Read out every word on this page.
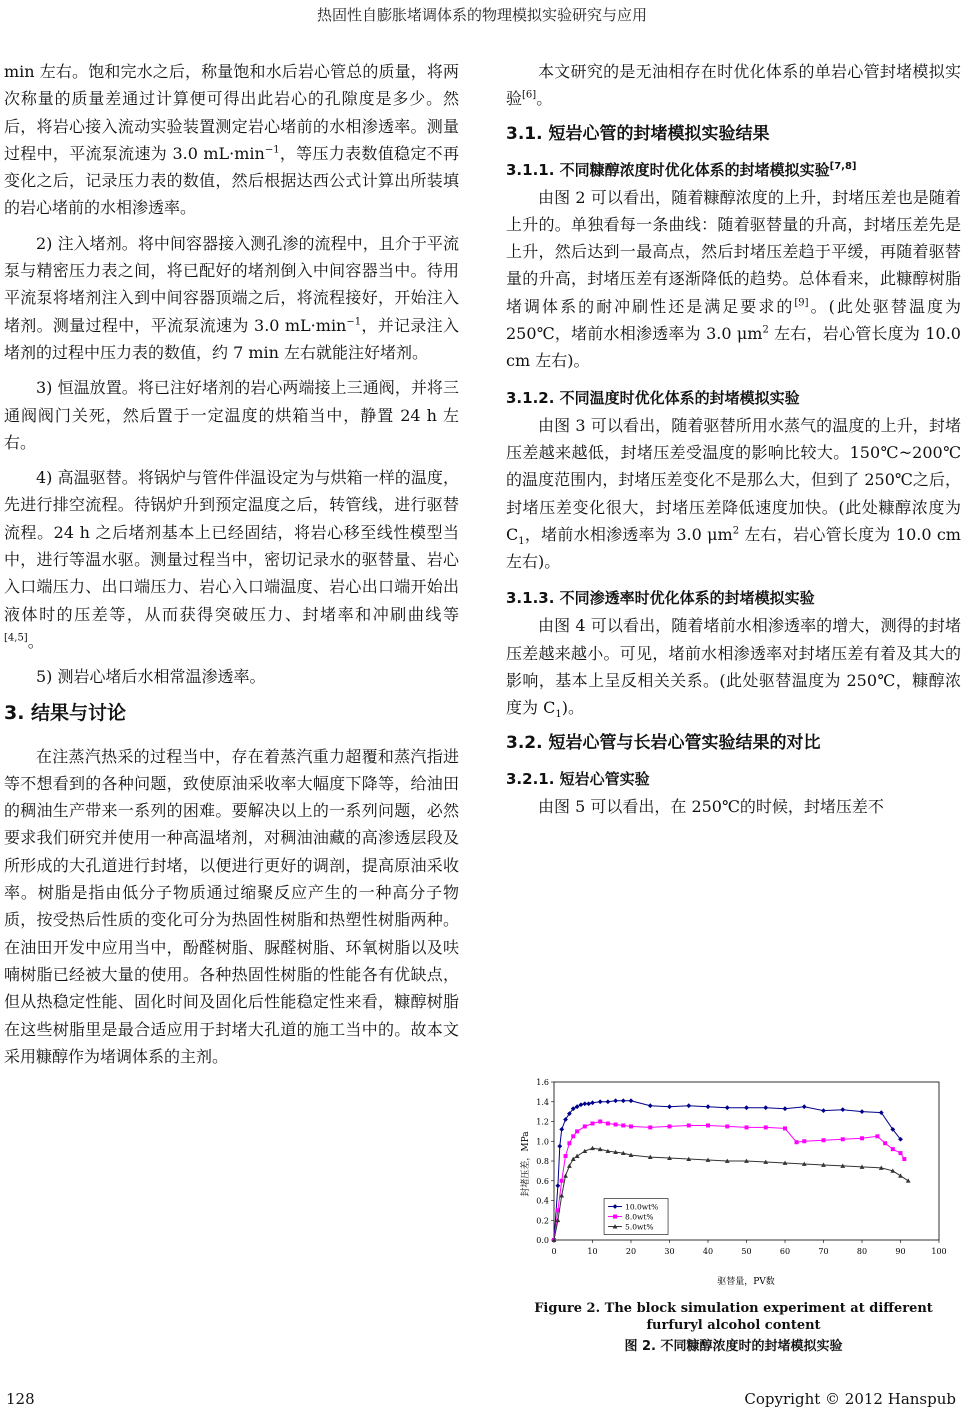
热固性自膨胀堵调体系的物理模拟实验研究与应用

min 左右。饱和完水之后，称量饱和水后岩心管总的质量，将两次称量的质量差通过计算便可得出此岩心的孔隙度是多少。然后，将岩心接入流动实验装置测定岩心堵前的水相渗透率。测量过程中，平流泵流速为 3.0 $mL\cdot\min^{-1}$，等压力表数值稳定不再变化之后，记录压力表的数值，然后根据达西公式计算出所装填的岩心堵前的水相渗透率。

2) 注入堵剂。将中间容器接入测孔渗的流程中，且介于平流泵与精密压力表之间，将已配好的堵剂倒入中间容器当中。待用平流泵将堵剂注入到中间容器顶端之后，将流程接好，开始注入堵剂。测量过程中，平流泵流速为 3.0 $mL\cdot\min^{-1}$，并记录注入堵剂的过程中压力表的数值，约 7 min 左右就能注好堵剂。

3) 恒温放置。将已注好堵剂的岩心两端接上三通阀，并将三通阀阀门关死，然后置于一定温度的烘箱当中，静置 24 h 左右。

4) 高温驱替。将锅炉与管件伴温设定为与烘箱一样的温度，先进行排空流程。待锅炉升到预定温度之后，转管线，进行驱替流程。24 h 之后堵剂基本上已经固结，将岩心移至线性模型当中，进行等温水驱。测量过程当中，密切记录水的驱替量、岩心入口端压力、出口端压力、岩心入口端温度、岩心出口端开始出液体时的压差等，从而获得突破压力、封堵率和冲刷曲线等[4,5]。

5) 测岩心堵后水相常温渗透率。

3. 结果与讨论

在注蒸汽热采的过程当中，存在着蒸汽重力超覆和蒸汽指进等不想看到的各种问题，致使原油采收率大幅度下降等，给油田的稠油生产带来一系列的困难。要解决以上的一系列问题，必然要求我们研究并使用一种高温堵剂，对稠油油藏的高渗透层段及所形成的大孔道进行封堵，以便进行更好的调剖，提高原油采收率。树脂是指由低分子物质通过缩聚反应产生的一种高分子物质，按受热后性质的变化可分为热固性树脂和热塑性树脂两种。在油田开发中应用当中，酚醛树脂、脲醛树脂、环氧树脂以及呋喃树脂已经被大量的使用。各种热固性树脂的性能各有优缺点，但从热稳定性能、固化时间及固化后性能稳定性来看，糠醇树脂在这些树脂里是最合适应用于封堵大孔道的施工当中的。故本文采用糠醇作为堵调体系的主剂。

本文研究的是无油相存在时优化体系的单岩心管封堵模拟实验[6]。

3.1. 短岩心管的封堵模拟实验结果
3.1.1. 不同糠醇浓度时优化体系的封堵模拟实验[7,8]

由图 2 可以看出，随着糠醇浓度的上升，封堵压差也是随着上升的。单独看每一条曲线：随着驱替量的升高，封堵压差先是上升，然后达到一最高点，然后封堵压差趋于平缓，再随着驱替量的升高，封堵压差有逐渐降低的趋势。总体看来，此糠醇树脂堵调体系的耐冲刷性还是满足要求的[9]。(此处驱替温度为 250℃，堵前水相渗透率为 3.0 $\mu m^2$ 左右，岩心管长度为 10.0 cm 左右)。

3.1.2. 不同温度时优化体系的封堵模拟实验

由图 3 可以看出，随着驱替所用水蒸气的温度的上升，封堵压差越来越低，封堵压差受温度的影响比较大。150℃~200℃的温度范围内，封堵压差变化不是那么大，但到了 250℃之后，封堵压差变化很大，封堵压差降低速度加快。(此处糠醇浓度为 $C_1$，堵前水相渗透率为 3.0 $\mu m^2$ 左右，岩心管长度为 10.0 cm 左右)。

3.1.3. 不同渗透率时优化体系的封堵模拟实验

由图 4 可以看出，随着堵前水相渗透率的增大，测得的封堵压差越来越小。可见，堵前水相渗透率对封堵压差有着及其大的影响，基本上呈反相关关系。(此处驱替温度为 250℃，糠醇浓度为 $C_1$)。

3.2. 短岩心管与长岩心管实验结果的对比
3.2.1. 短岩心管实验

由图 5 可以看出，在 250℃的时候，封堵压差不

0.0
0.2
0.4
0.6
0.8
1.0
1.2
1.4
1.6
0	10	20	30	40	50	60	70	80	90	100
封堵压差，MPa
驱替量，PV数
10.0wt%
8.0wt%
5.0wt%
Figure 2. The block simulation experiment at different furfuryl alcohol content
图 2. 不同糠醇浓度时的封堵模拟实验
128	Copyright © 2012 Hanspub
